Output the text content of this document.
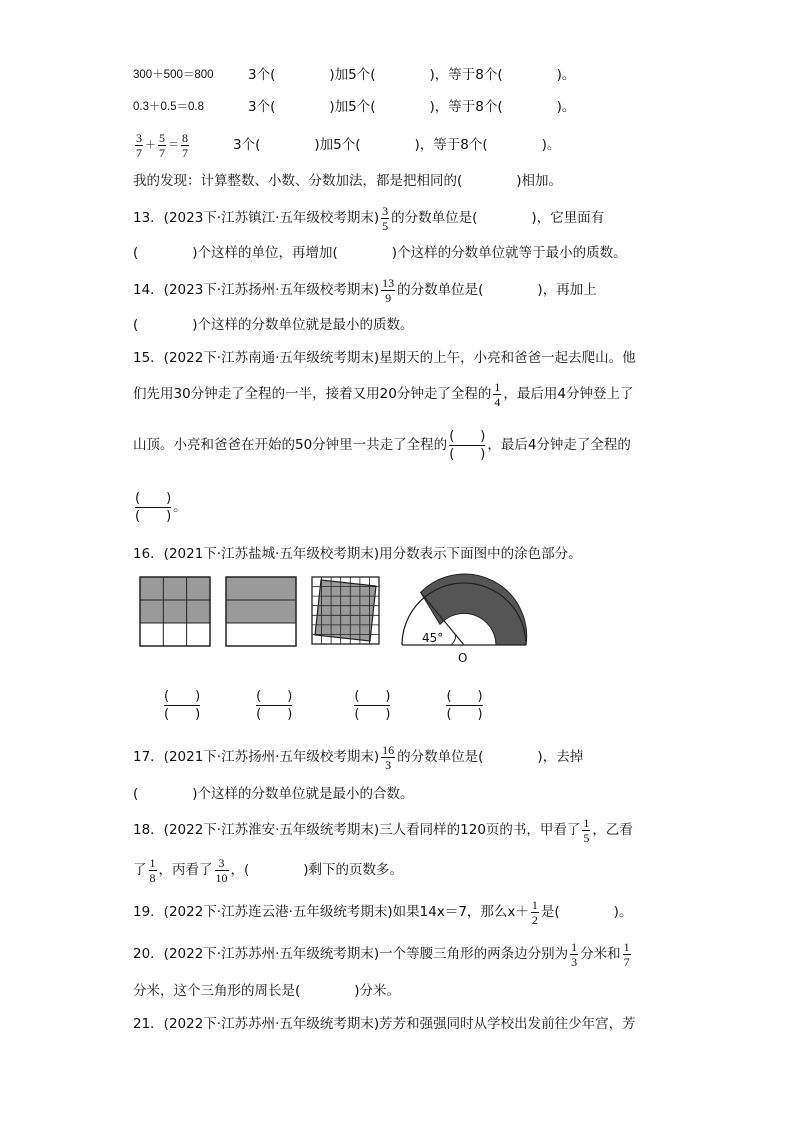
300＋500＝800	3个(　　　　)加5个(　　　　)，等于8个(　　　　)。
0.3＋0.5＝0.8	3个(　　　　)加5个(　　　　)，等于8个(　　　　)。
$\frac{3}{7} + \frac{5}{7} = \frac{8}{7}$	3个(　　　　)加5个(　　　　)，等于8个(　　　　)。
我的发现：计算整数、小数、分数加法，都是把相同的(　　　　)相加。
13．(2023下·江苏镇江·五年级校考期末) $\frac{3}{5}$ 的分数单位是(　　　　)，它里面有
(　　　　)个这样的单位，再增加(　　　　)个这样的分数单位就等于最小的质数。
14．(2023下·江苏扬州·五年级校考期末) $\frac{13}{9}$ 的分数单位是(　　　　)，再加上
(　　　　)个这样的分数单位就是最小的质数。
15．(2022下·江苏南通·五年级统考期末)星期天的上午，小亮和爸爸一起去爬山。他
们先用30分钟走了全程的一半，接着又用20分钟走了全程的 $\frac{1}{4}$ ，最后用4分钟登上了
山顶。小亮和爸爸在开始的50分钟里一共走了全程的
(　　)
(　　)
，最后4分钟走了全程的
(　　)
(　　)
。
16．(2021下·江苏盐城·五年级校考期末)用分数表示下面图中的涂色部分。
45°
O
(　　)
(　　)
(　　)
(　　)
(　　)
(　　)
(　　)
(　　)
17．(2021下·江苏扬州·五年级校考期末) $\frac{16}{3}$ 的分数单位是(　　　　)，去掉
(　　　　)个这样的分数单位就是最小的合数。
18．(2022下·江苏淮安·五年级统考期末)三人看同样的120页的书，甲看了 $\frac{1}{5}$ ，乙看
了 $\frac{1}{8}$ ，丙看了 $\frac{3}{10}$ ，(　　　　)剩下的页数多。
19．(2022下·江苏连云港·五年级统考期末)如果14x＝7，那么$x+ \frac{1}{2}$ 是(　　　　)。
20．(2022下·江苏苏州·五年级统考期末)一个等腰三角形的两条边分别为 $\frac{1}{3}$ 分米和 $\frac{1}{7}$
分米，这个三角形的周长是(　　　　)分米。
21．(2022下·江苏苏州·五年级统考期末)芳芳和强强同时从学校出发前往少年宫，芳
